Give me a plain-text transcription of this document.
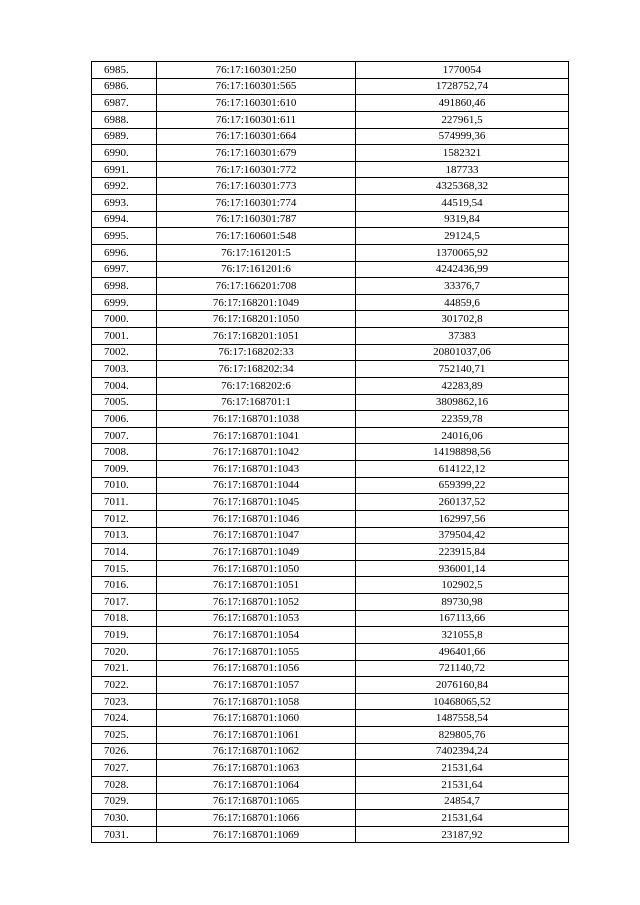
6985.	76:17:160301:250	1770054
6986.	76:17:160301:565	1728752,74
6987.	76:17:160301:610	491860,46
6988.	76:17:160301:611	227961,5
6989.	76:17:160301:664	574999,36
6990.	76:17:160301:679	1582321
6991.	76:17:160301:772	187733
6992.	76:17:160301:773	4325368,32
6993.	76:17:160301:774	44519,54
6994.	76:17:160301:787	9319,84
6995.	76:17:160601:548	29124,5
6996.	76:17:161201:5	1370065,92
6997.	76:17:161201:6	4242436,99
6998.	76:17:166201:708	33376,7
6999.	76:17:168201:1049	44859,6
7000.	76:17:168201:1050	301702,8
7001.	76:17:168201:1051	37383
7002.	76:17:168202:33	20801037,06
7003.	76:17:168202:34	752140,71
7004.	76:17:168202:6	42283,89
7005.	76:17:168701:1	3809862,16
7006.	76:17:168701:1038	22359,78
7007.	76:17:168701:1041	24016,06
7008.	76:17:168701:1042	14198898,56
7009.	76:17:168701:1043	614122,12
7010.	76:17:168701:1044	659399,22
7011.	76:17:168701:1045	260137,52
7012.	76:17:168701:1046	162997,56
7013.	76:17:168701:1047	379504,42
7014.	76:17:168701:1049	223915,84
7015.	76:17:168701:1050	936001,14
7016.	76:17:168701:1051	102902,5
7017.	76:17:168701:1052	89730,98
7018.	76:17:168701:1053	167113,66
7019.	76:17:168701:1054	321055,8
7020.	76:17:168701:1055	496401,66
7021.	76:17:168701:1056	721140,72
7022.	76:17:168701:1057	2076160,84
7023.	76:17:168701:1058	10468065,52
7024.	76:17:168701:1060	1487558,54
7025.	76:17:168701:1061	829805,76
7026.	76:17:168701:1062	7402394,24
7027.	76:17:168701:1063	21531,64
7028.	76:17:168701:1064	21531,64
7029.	76:17:168701:1065	24854,7
7030.	76:17:168701:1066	21531,64
7031.	76:17:168701:1069	23187,92
